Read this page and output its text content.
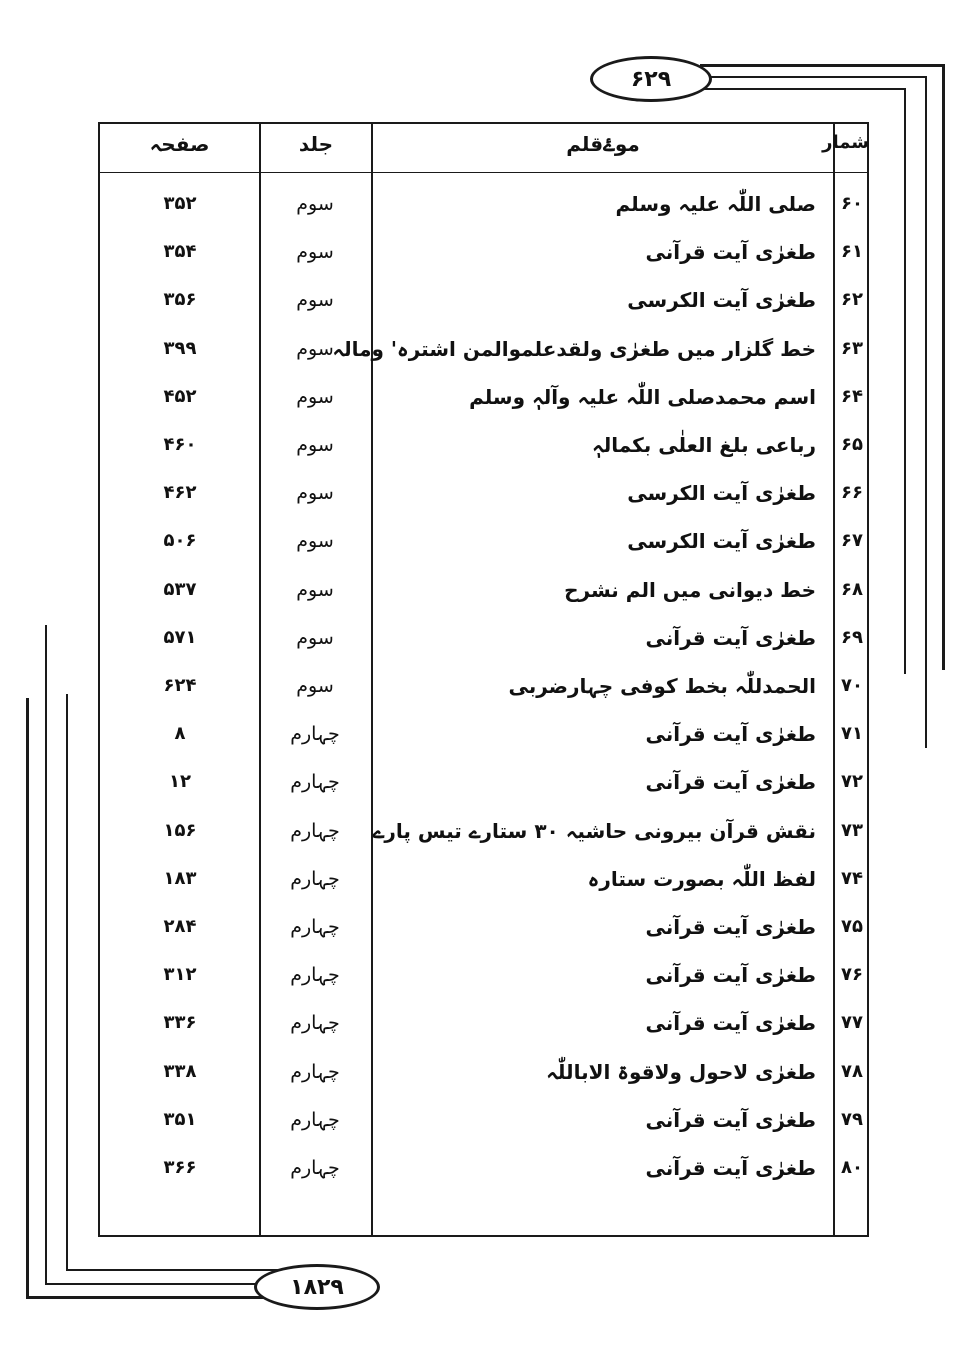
۶۲۹
۱۸۲۹
شمار
موۓقلم
جلد
صفحہ
۶۰
صلی اللّٰہ علیہ وسلم
سوم
۳۵۲
۶۱
طغرٰی آیت قرآنی
سوم
۳۵۴
۶۲
طغرٰی آیت الکرسی
سوم
۳۵۶
۶۳
خط گلزار میں طغرٰی ولقدعلموالمن اشترہ' ومالہ
سوم
۳۹۹
۶۴
اسم محمدصلی اللّٰہ علیہ وآلہٖ وسلم
سوم
۴۵۲
۶۵
رباعی بلغ العلٰی بکمالہٖ
سوم
۴۶۰
۶۶
طغرٰی آیت الکرسی
سوم
۴۶۲
۶۷
طغرٰی آیت الکرسی
سوم
۵۰۶
۶۸
خط دیوانی میں الم نشرح
سوم
۵۳۷
۶۹
طغرٰی آیت قرآنی
سوم
۵۷۱
۷۰
الحمدللّٰہ بخط کوفی چہارضربی
سوم
۶۲۴
۷۱
طغرٰی آیت قرآنی
چہارم
۸
۷۲
طغرٰی آیت قرآنی
چہارم
۱۲
۷۳
نقش قرآن بیرونی حاشیہ ۳۰ ستارے تیس پارے
چہارم
۱۵۶
۷۴
لفظ اللّٰہ بصورت ستارہ
چہارم
۱۸۳
۷۵
طغرٰی آیت قرآنی
چہارم
۲۸۴
۷۶
طغرٰی آیت قرآنی
چہارم
۳۱۲
۷۷
طغرٰی آیت قرآنی
چہارم
۳۳۶
۷۸
طغرٰی لاحول ولاقوۃ الاباللّٰہ
چہارم
۳۳۸
۷۹
طغرٰی آیت قرآنی
چہارم
۳۵۱
۸۰
طغرٰی آیت قرآنی
چہارم
۳۶۶
